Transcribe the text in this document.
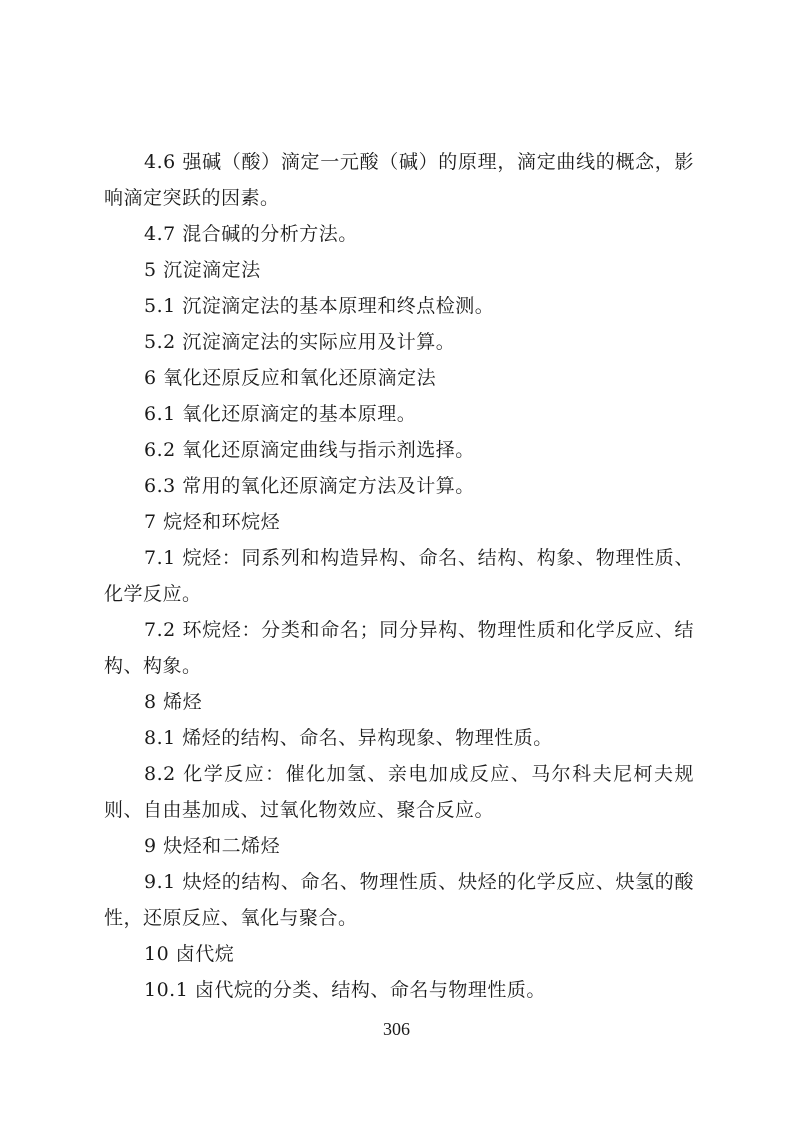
4.6 强碱（酸）滴定一元酸（碱）的原理，滴定曲线的概念，影响滴定突跃的因素。

4.7 混合碱的分析方法。

5 沉淀滴定法

5.1 沉淀滴定法的基本原理和终点检测。

5.2 沉淀滴定法的实际应用及计算。

6 氧化还原反应和氧化还原滴定法

6.1 氧化还原滴定的基本原理。

6.2 氧化还原滴定曲线与指示剂选择。

6.3 常用的氧化还原滴定方法及计算。

7 烷烃和环烷烃

7.1 烷烃：同系列和构造异构、命名、结构、构象、物理性质、化学反应。

7.2 环烷烃：分类和命名；同分异构、物理性质和化学反应、结构、构象。

8 烯烃

8.1 烯烃的结构、命名、异构现象、物理性质。

8.2 化学反应：催化加氢、亲电加成反应、马尔科夫尼柯夫规则、自由基加成、过氧化物效应、聚合反应。

9 炔烃和二烯烃

9.1 炔烃的结构、命名、物理性质、炔烃的化学反应、炔氢的酸性，还原反应、氧化与聚合。

10 卤代烷

10.1 卤代烷的分类、结构、命名与物理性质。

306
